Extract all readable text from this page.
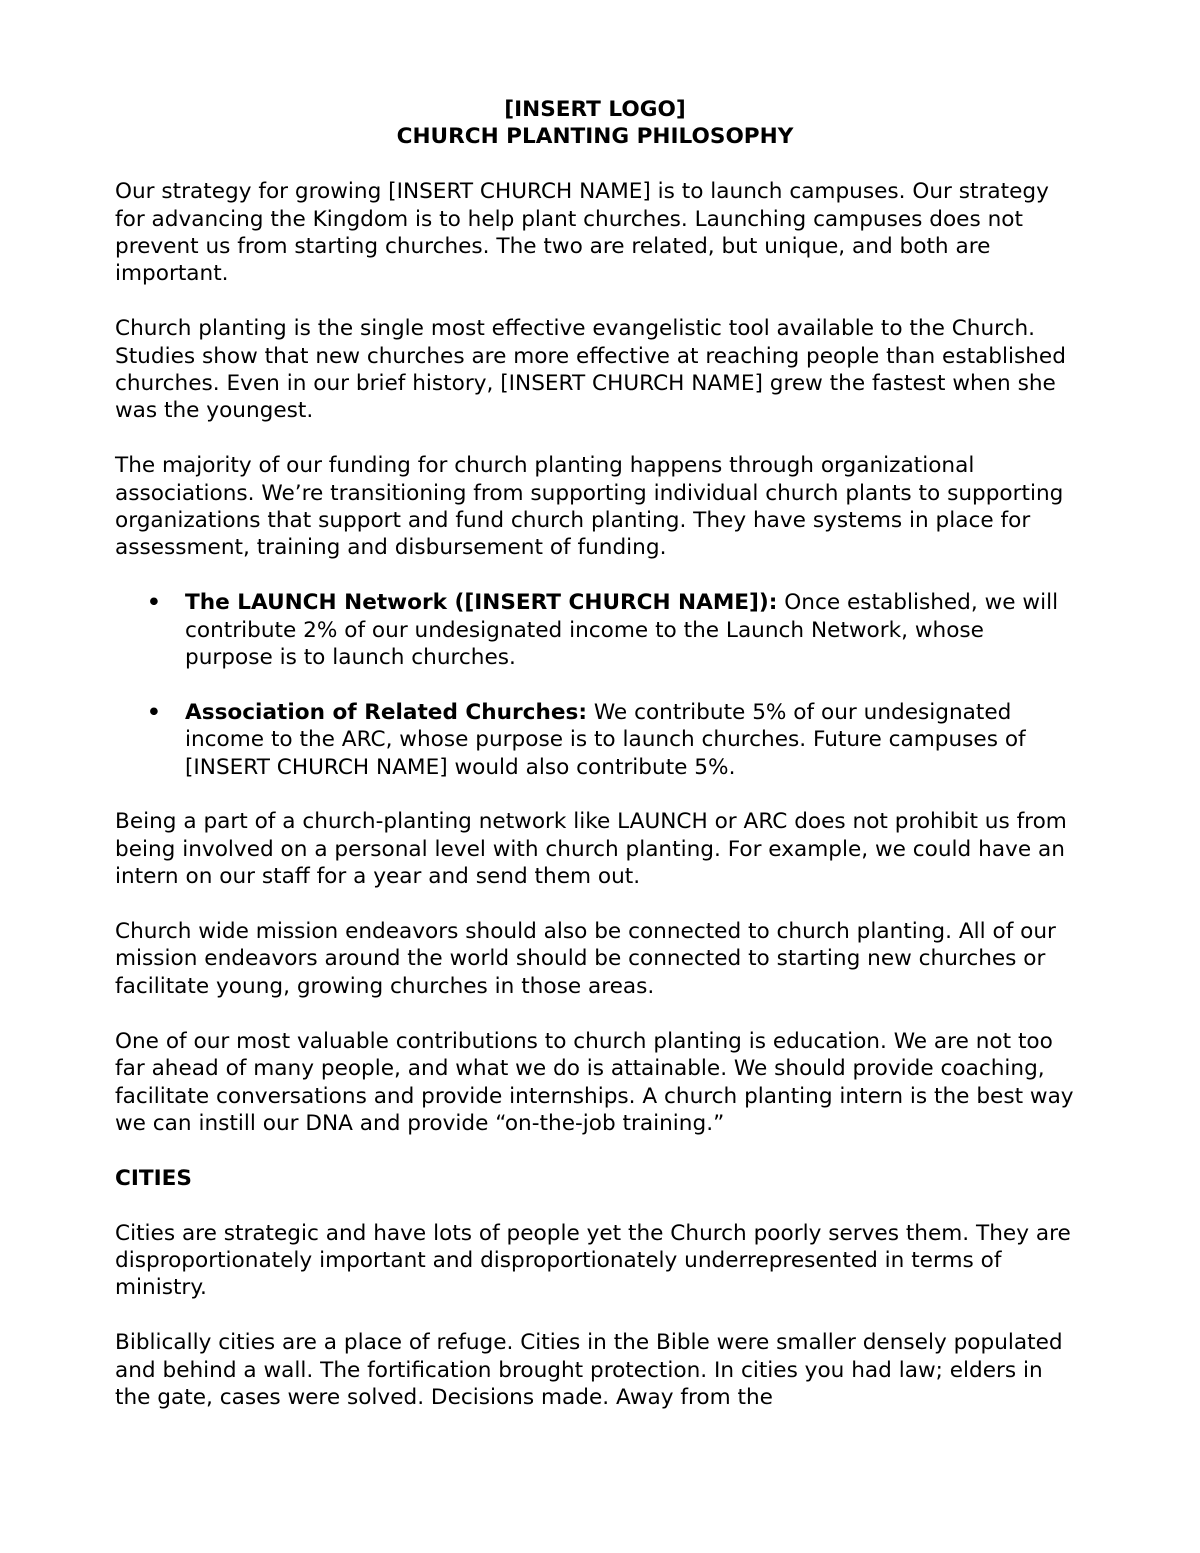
[INSERT LOGO]

CHURCH PLANTING PHILOSOPHY

Our strategy for growing [INSERT CHURCH NAME] is to launch campuses. Our strategy for advancing the Kingdom is to help plant churches. Launching campuses does not prevent us from starting churches. The two are related, but unique, and both are important.

Church planting is the single most effective evangelistic tool available to the Church. Studies show that new churches are more effective at reaching people than established churches. Even in our brief history, [INSERT CHURCH NAME] grew the fastest when she was the youngest.

The majority of our funding for church planting happens through organizational associations. We’re transitioning from supporting individual church plants to supporting organizations that support and fund church planting. They have systems in place for assessment, training and disbursement of funding.

• The LAUNCH Network ([INSERT CHURCH NAME]): Once established, we will contribute 2% of our undesignated income to the Launch Network, whose purpose is to launch churches.
• Association of Related Churches: We contribute 5% of our undesignated income to the ARC, whose purpose is to launch churches. Future campuses of [INSERT CHURCH NAME] would also contribute 5%.

Being a part of a church-planting network like LAUNCH or ARC does not prohibit us from being involved on a personal level with church planting. For example, we could have an intern on our staff for a year and send them out.

Church wide mission endeavors should also be connected to church planting. All of our mission endeavors around the world should be connected to starting new churches or facilitate young, growing churches in those areas.

One of our most valuable contributions to church planting is education. We are not too far ahead of many people, and what we do is attainable. We should provide coaching, facilitate conversations and provide internships. A church planting intern is the best way we can instill our DNA and provide “on-the-job training.”

CITIES

Cities are strategic and have lots of people yet the Church poorly serves them. They are disproportionately important and disproportionately underrepresented in terms of ministry.

Biblically cities are a place of refuge. Cities in the Bible were smaller densely populated and behind a wall. The fortification brought protection. In cities you had law; elders in the gate, cases were solved. Decisions made. Away from the
